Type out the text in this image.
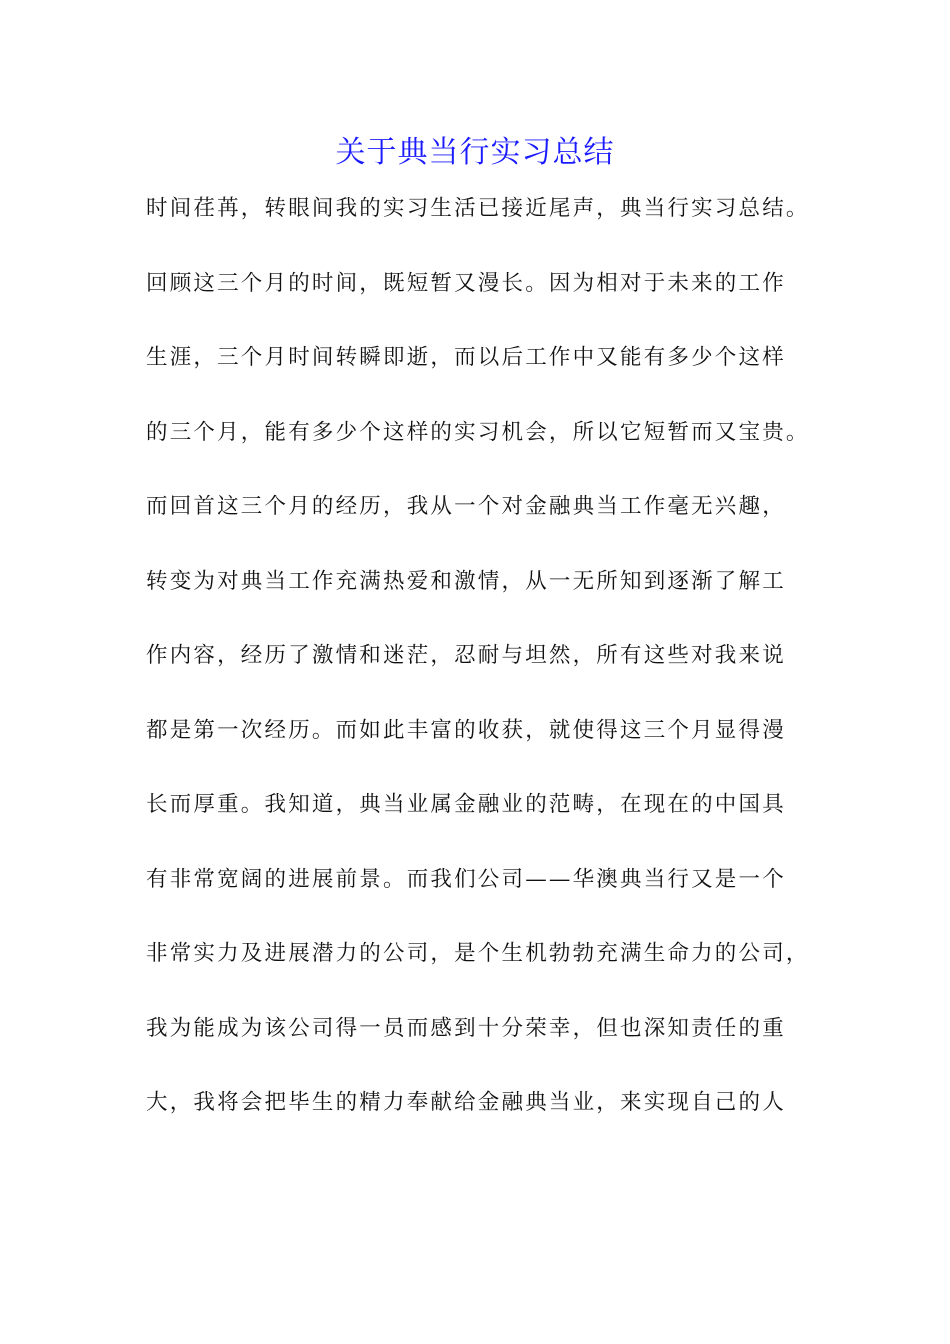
关于典当行实习总结
时间荏苒，转眼间我的实习生活已接近尾声，典当行实习总结。
回顾这三个月的时间，既短暂又漫长。因为相对于未来的工作
生涯，三个月时间转瞬即逝，而以后工作中又能有多少个这样
的三个月，能有多少个这样的实习机会，所以它短暂而又宝贵。
而回首这三个月的经历，我从一个对金融典当工作毫无兴趣，
转变为对典当工作充满热爱和激情，从一无所知到逐渐了解工
作内容，经历了激情和迷茫，忍耐与坦然，所有这些对我来说
都是第一次经历。而如此丰富的收获，就使得这三个月显得漫
长而厚重。我知道，典当业属金融业的范畴，在现在的中国具
有非常宽阔的进展前景。而我们公司——华澳典当行又是一个
非常实力及进展潜力的公司，是个生机勃勃充满生命力的公司，
我为能成为该公司得一员而感到十分荣幸，但也深知责任的重
大，我将会把毕生的精力奉献给金融典当业，来实现自己的人
